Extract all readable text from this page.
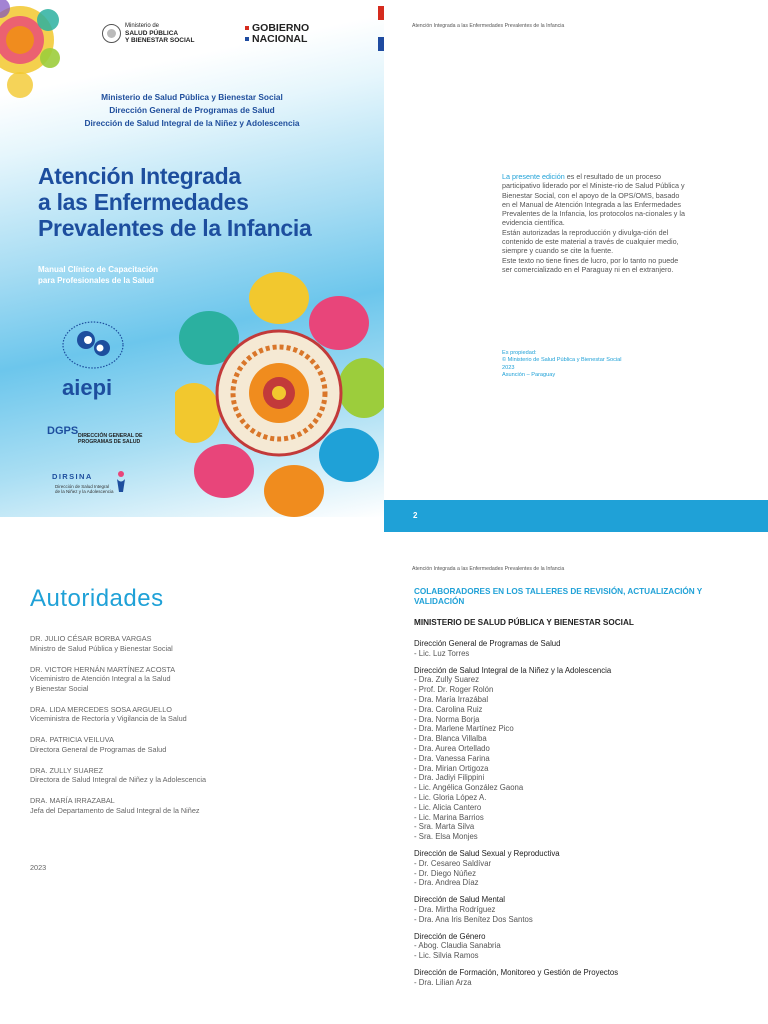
Ministerio de
SALUD PÚBLICA
Y BIENESTAR SOCIAL
GOBIERNO
NACIONAL
Ministerio de Salud Pública y Bienestar Social
Dirección General de Programas de Salud
Dirección de Salud Integral de la Niñez y Adolescencia
Atención Integrada
a las Enfermedades
Prevalentes de la Infancia
Manual Clínico de Capacitación
para Profesionales de la Salud
aiepi
DGPS DIRECCIÓN GENERAL DE
PROGRAMAS DE SALUD
DIRSINA
Dirección de Salud Integral
de la Niñez y la Adolescencia
Atención Integrada a las Enfermedades Prevalentes de la Infancia
La presente edición es el resultado de un proceso participativo liderado por el Ministe-rio de Salud Pública y Bienestar Social, con el apoyo de la OPS/OMS, basado en el Manual de Atención Integrada a las Enfermedades Prevalentes de la Infancia, los protocolos na-cionales y la evidencia científica.
Están autorizadas la reproducción y divulga-ción del contenido de este material a través de cualquier medio, siempre y cuando se cite la fuente.
Este texto no tiene fines de lucro, por lo tanto no puede ser comercializado en el Paraguay ni en el extranjero.
Es propiedad:
© Ministerio de Salud Pública y Bienestar Social
2023
Asunción – Paraguay
2
Autoridades
DR. JULIO CÉSAR BORBA VARGAS
Ministro de Salud Pública y Bienestar Social
DR. VICTOR HERNÁN MARTÍNEZ ACOSTA
Viceministro de Atención Integral a la Salud
y Bienestar Social
DRA. LIDA MERCEDES SOSA ARGUELLO
Viceministra de Rectoría y Vigilancia de la Salud
DRA. PATRICIA VEILUVA
Directora General de Programas de Salud
DRA. ZULLY SUAREZ
Directora de Salud Integral de Niñez y la Adolescencia
DRA. MARÍA IRRAZABAL
Jefa del Departamento de Salud Integral de la Niñez
2023
Atención Integrada a las Enfermedades Prevalentes de la Infancia
COLABORADORES EN LOS TALLERES DE REVISIÓN, ACTUALIZACIÓN Y VALIDACIÓN
MINISTERIO DE SALUD PÚBLICA Y BIENESTAR SOCIAL
Dirección General de Programas de Salud
- Lic. Luz Torres
Dirección de Salud Integral de la Niñez y la Adolescencia
- Dra. Zully Suarez
- Prof. Dr. Roger Rolón
- Dra. María Irrazábal
- Dra. Carolina Ruiz
- Dra. Norma Borja
- Dra. Marlene Martínez Pico
- Dra. Blanca Villalba
- Dra. Aurea Ortellado
- Dra. Vanessa Farina
- Dra. Mirian Ortigoza
- Dra. Jadiyi Filippini
- Lic. Angélica González Gaona
- Lic. Gloria López A.
- Lic. Alicia Cantero
- Lic. Marina Barrios
- Sra. Marta Silva
- Sra. Elsa Monjes
Dirección de Salud Sexual y Reproductiva
- Dr. Cesareo Saldívar
- Dr. Diego Núñez
- Dra. Andrea Díaz
Dirección de Salud Mental
- Dra. Mirtha Rodríguez
- Dra. Ana Iris Benítez Dos Santos
Dirección de Género
- Abog. Claudia Sanabria
- Lic. Silvia Ramos
Dirección de Formación, Monitoreo y Gestión de Proyectos
- Dra. Lilian Arza
